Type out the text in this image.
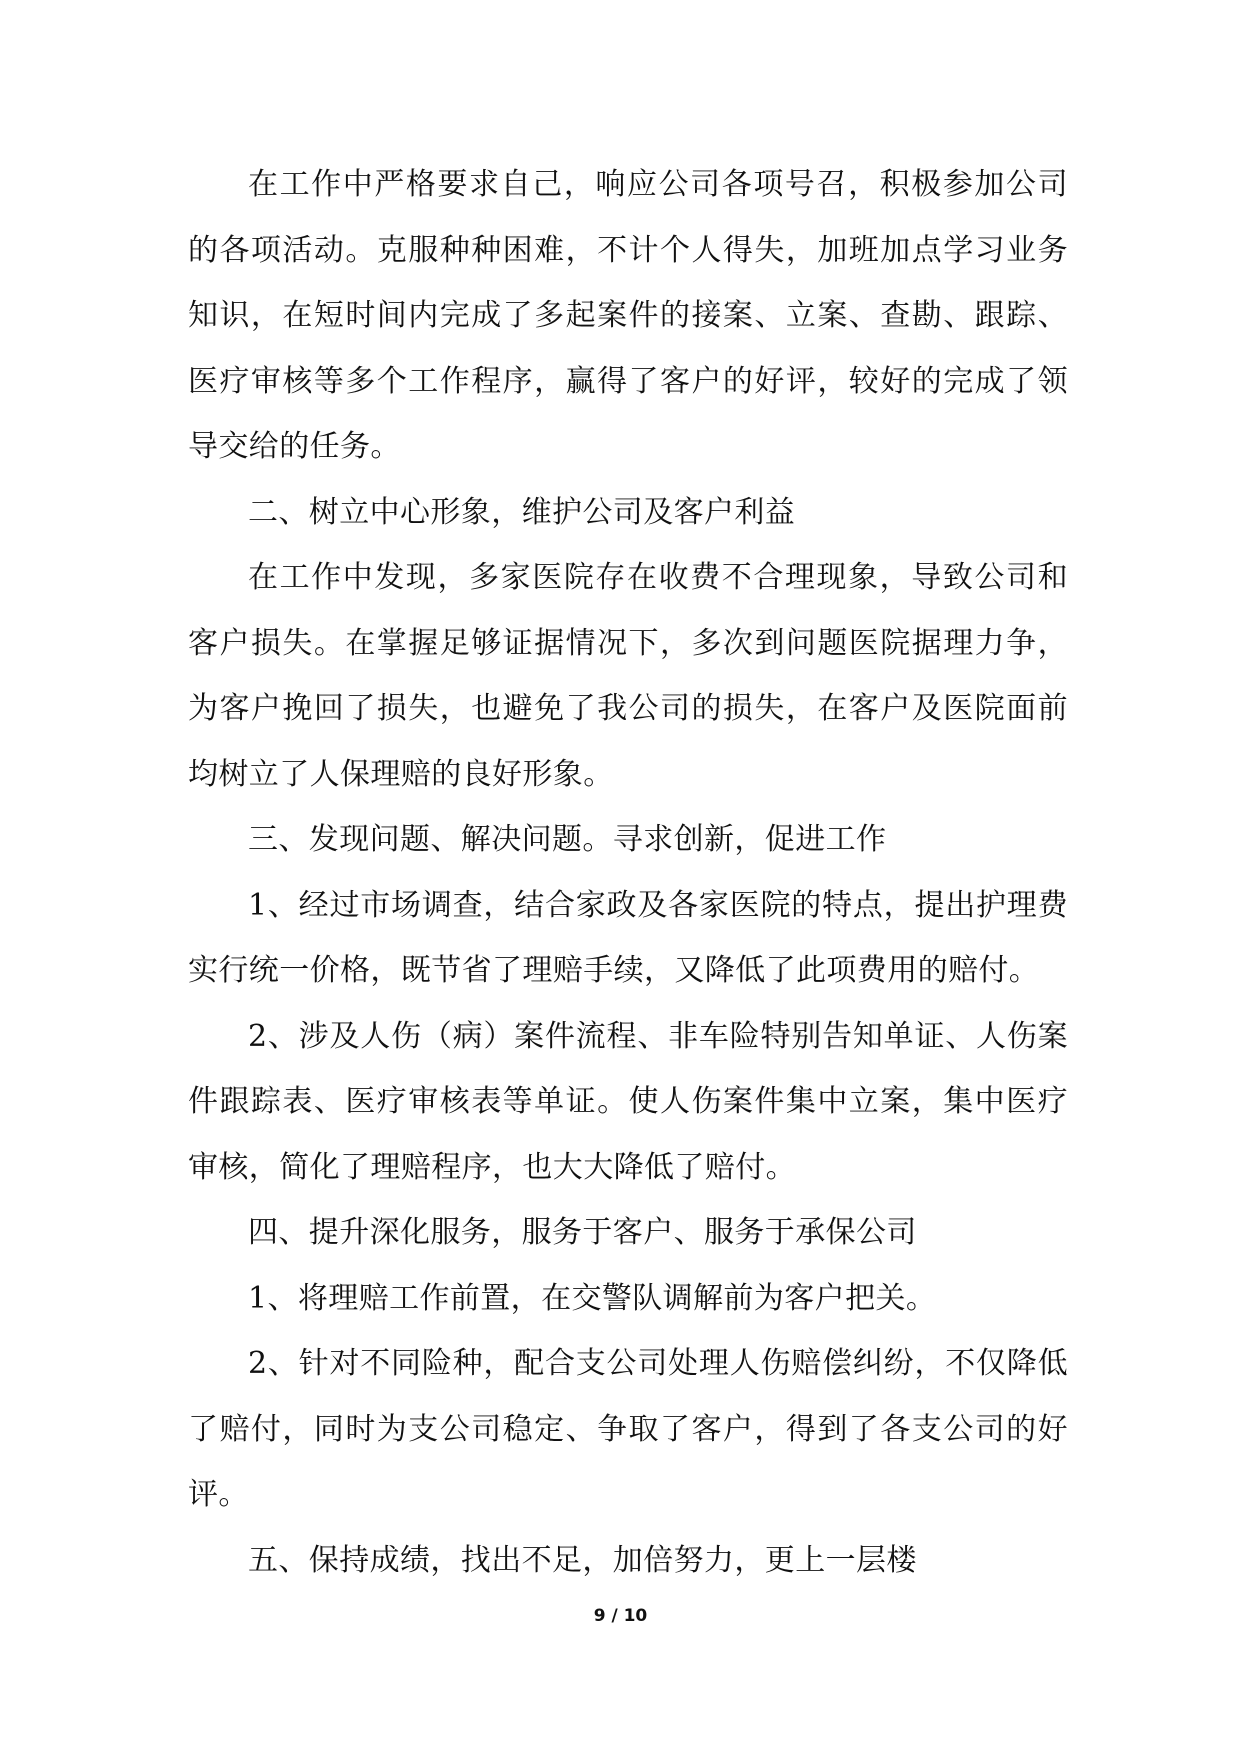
在工作中严格要求自己，响应公司各项号召，积极参加公司的各项活动。克服种种困难，不计个人得失，加班加点学习业务知识，在短时间内完成了多起案件的接案、立案、查勘、跟踪、医疗审核等多个工作程序，赢得了客户的好评，较好的完成了领导交给的任务。

二、树立中心形象，维护公司及客户利益

在工作中发现，多家医院存在收费不合理现象，导致公司和客户损失。在掌握足够证据情况下，多次到问题医院据理力争，为客户挽回了损失，也避免了我公司的损失，在客户及医院面前均树立了人保理赔的良好形象。

三、发现问题、解决问题。寻求创新，促进工作

1、经过市场调查，结合家政及各家医院的特点，提出护理费实行统一价格，既节省了理赔手续，又降低了此项费用的赔付。

2、涉及人伤（病）案件流程、非车险特别告知单证、人伤案件跟踪表、医疗审核表等单证。使人伤案件集中立案，集中医疗审核，简化了理赔程序，也大大降低了赔付。

四、提升深化服务，服务于客户、服务于承保公司

1、将理赔工作前置，在交警队调解前为客户把关。

2、针对不同险种，配合支公司处理人伤赔偿纠纷，不仅降低了赔付，同时为支公司稳定、争取了客户，得到了各支公司的好评。

五、保持成绩，找出不足，加倍努力，更上一层楼

9 / 10
